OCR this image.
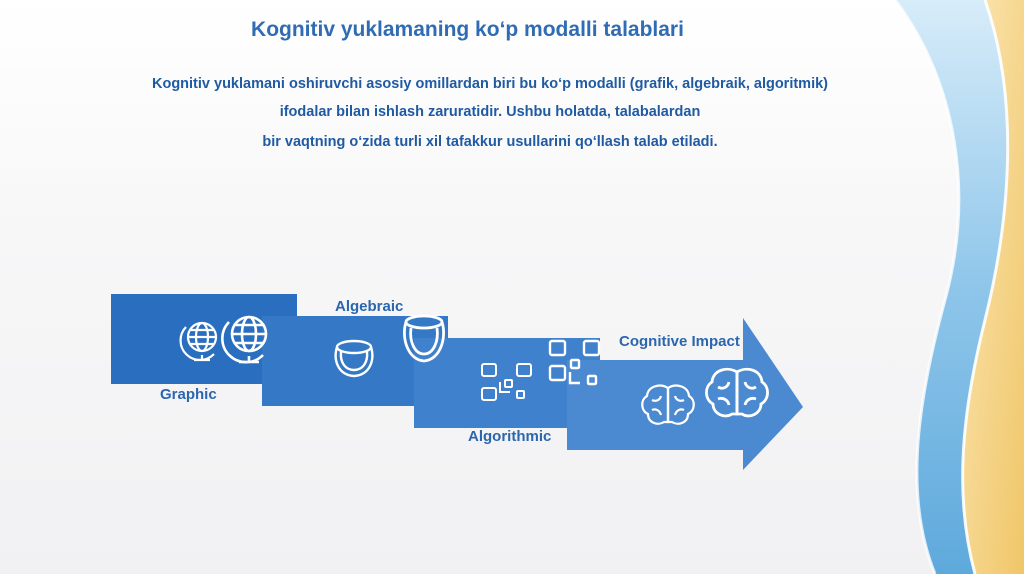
Kognitiv yuklamaning ko‘p modalli talablari
Kognitiv yuklamani oshiruvchi asosiy omillardan biri bu ko‘p modalli (grafik, algebraik, algoritmik)
ifodalar bilan ishlash zaruratidir. Ushbu holatda, talabalardan
bir vaqtning o‘zida turli xil tafakkur usullarini qo‘llash talab etiladi.
Graphic
Algebraic
Algorithmic
Cognitive Impact
